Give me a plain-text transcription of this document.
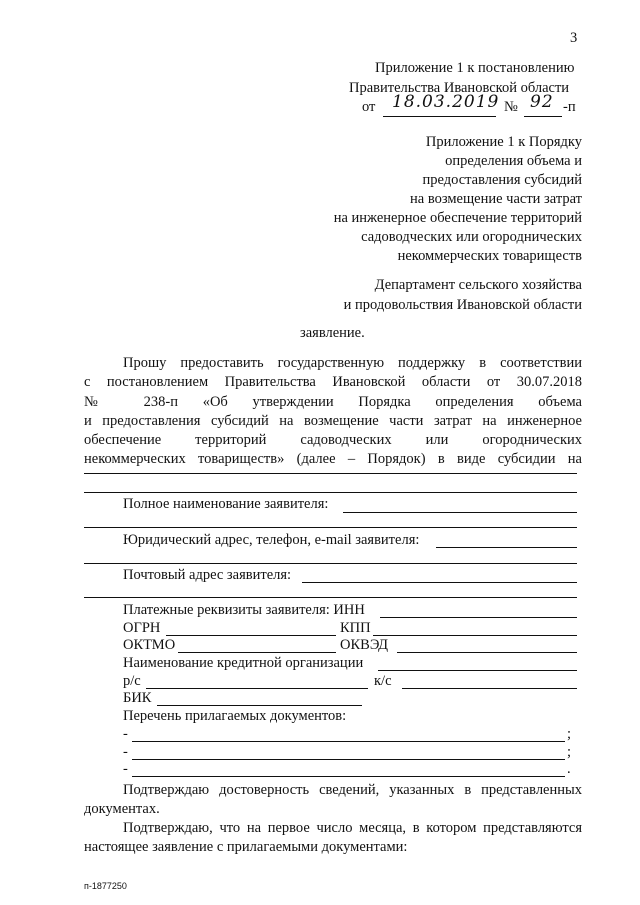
3
Приложение 1 к постановлению
Правительства Ивановской области
от 18.03.2019 № 92 -п
Приложение 1 к Порядку
определения объема и
предоставления субсидий
на возмещение части затрат
на инженерное обеспечение территорий
садоводческих или огороднических
некоммерческих товариществ
Департамент сельского хозяйства
и продовольствия Ивановской области
заявление.
Прошу предоставить государственную поддержку в соответствии
с постановлением Правительства Ивановской области от 30.07.2018
№ 238-п «Об утверждении Порядка определения объема
и предоставления субсидий на возмещение части затрат на инженерное
обеспечение территорий садоводческих или огороднических
некоммерческих товариществ» (далее – Порядок) в виде субсидии на
Полное наименование заявителя:
Юридический адрес, телефон, e-mail заявителя:
Почтовый адрес заявителя:
Платежные реквизиты заявителя: ИНН
ОГРН	КПП
ОКТМО	ОКВЭД
Наименование кредитной организации
р/с	к/с
БИК
Перечень прилагаемых документов:
-	;
-	;
-	.
Подтверждаю достоверность сведений, указанных в представленных
документах.
Подтверждаю, что на первое число месяца, в котором представляются
настоящее заявление с прилагаемыми документами:
п-1877250
